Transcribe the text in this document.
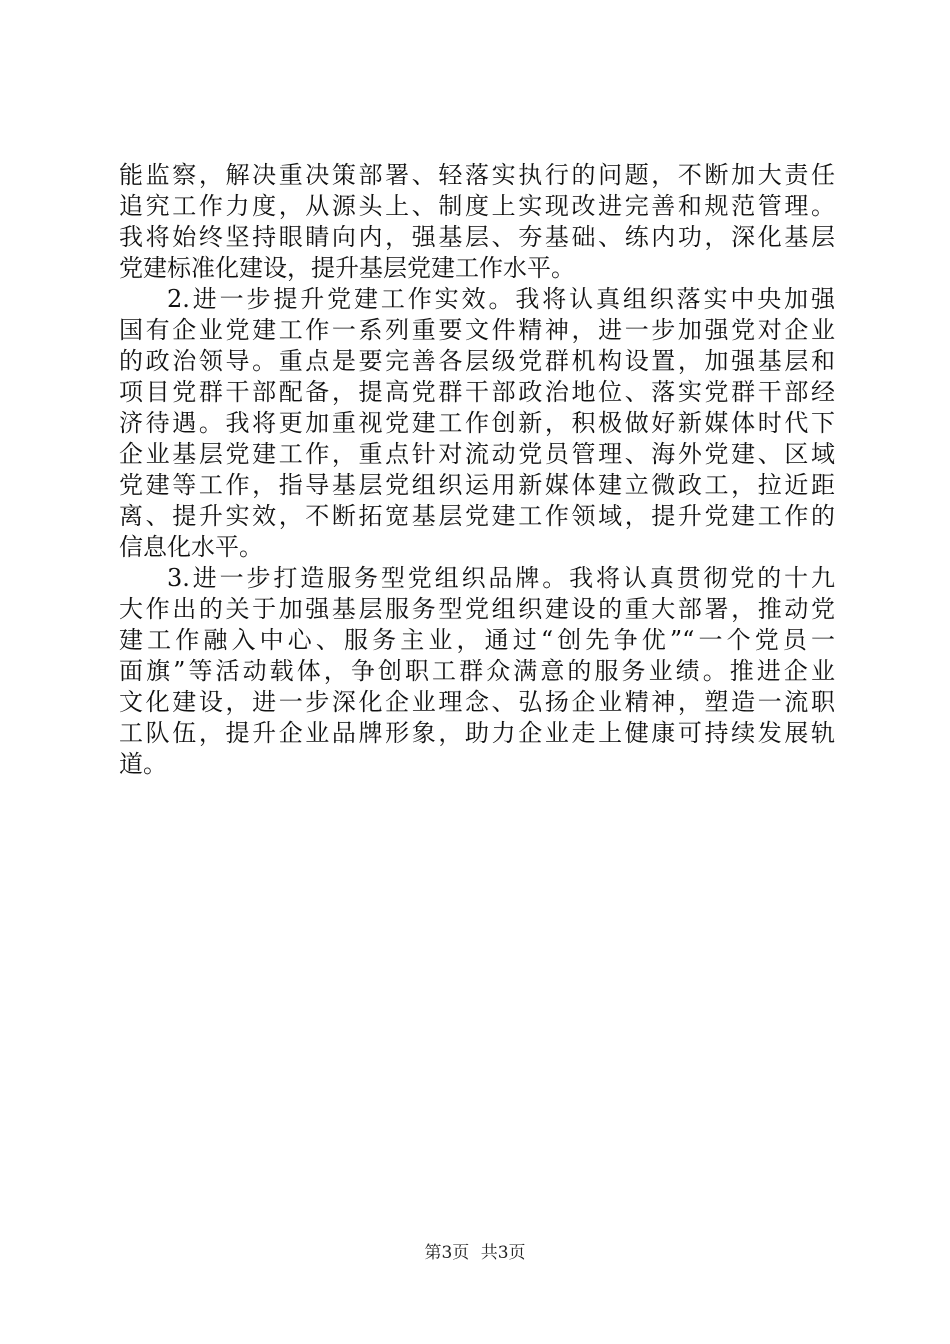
能监察，解决重决策部署、轻落实执行的问题，不断加大责任
追究工作力度，从源头上、制度上实现改进完善和规范管理。
我将始终坚持眼睛向内，强基层、夯基础、练内功，深化基层
党建标准化建设，提升基层党建工作水平。
2.进一步提升党建工作实效。我将认真组织落实中央加强
国有企业党建工作一系列重要文件精神，进一步加强党对企业
的政治领导。重点是要完善各层级党群机构设置，加强基层和
项目党群干部配备，提高党群干部政治地位、落实党群干部经
济待遇。我将更加重视党建工作创新，积极做好新媒体时代下
企业基层党建工作，重点针对流动党员管理、海外党建、区域
党建等工作，指导基层党组织运用新媒体建立微政工，拉近距
离、提升实效，不断拓宽基层党建工作领域，提升党建工作的
信息化水平。
3.进一步打造服务型党组织品牌。我将认真贯彻党的十九
大作出的关于加强基层服务型党组织建设的重大部署，推动党
建工作融入中心、服务主业，通过“创先争优”“一个党员一
面旗”等活动载体，争创职工群众满意的服务业绩。推进企业
文化建设，进一步深化企业理念、弘扬企业精神，塑造一流职
工队伍，提升企业品牌形象，助力企业走上健康可持续发展轨
道。
第3页 共3页
